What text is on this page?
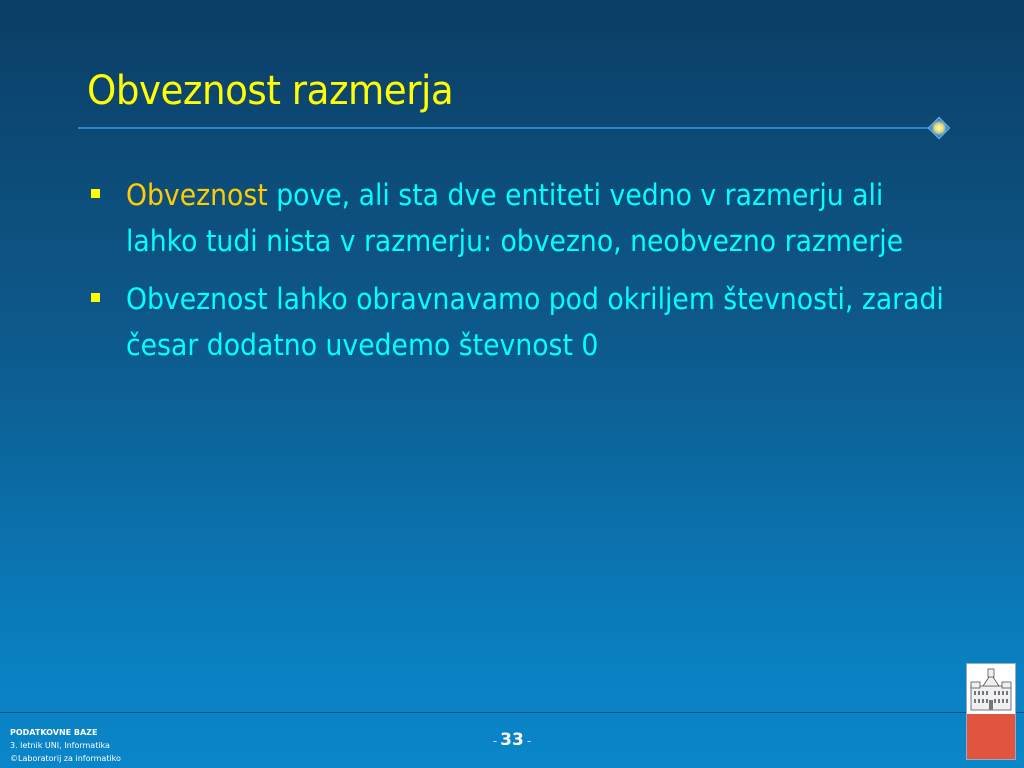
Obveznost razmerja
Obveznost pove, ali sta dve entiteti vedno v razmerju ali lahko tudi nista v razmerju: obvezno, neobvezno razmerje
Obveznost lahko obravnavamo pod okriljem števnosti, zaradi česar dodatno uvedemo števnost 0
PODATKOVNE BAZE
3. letnik UNI, Informatika
©Laboratorij za informatiko
- 33 -
